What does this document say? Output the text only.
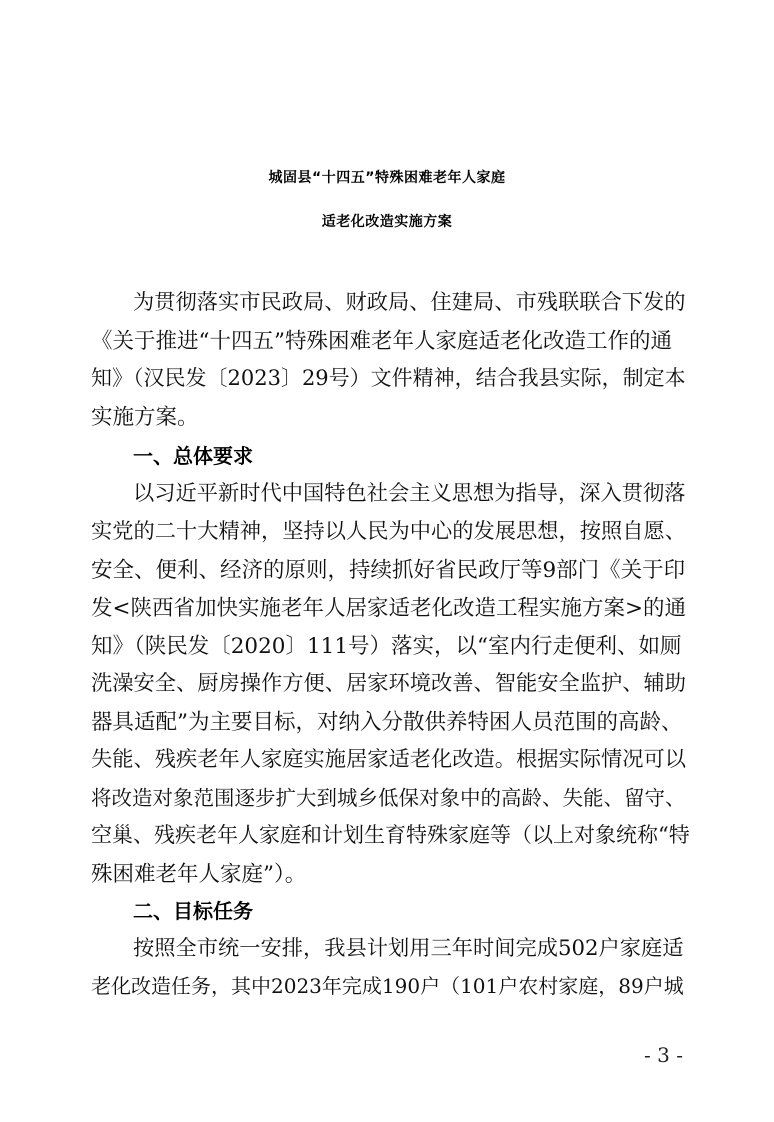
城固县“十四五”特殊困难老年人家庭
适老化改造实施方案
为贯彻落实市民政局、财政局、住建局、市残联联合下发的
《关于推进“十四五”特殊困难老年人家庭适老化改造工作的通
知》（汉民发〔2023〕29号）文件精神，结合我县实际，制定本
实施方案。
一、总体要求
以习近平新时代中国特色社会主义思想为指导，深入贯彻落
实党的二十大精神，坚持以人民为中心的发展思想，按照自愿、
安全、便利、经济的原则，持续抓好省民政厅等9部门《关于印
发<陕西省加快实施老年人居家适老化改造工程实施方案>的通
知》（陕民发〔2020〕111号）落实，以“室内行走便利、如厕
洗澡安全、厨房操作方便、居家环境改善、智能安全监护、辅助
器具适配”为主要目标，对纳入分散供养特困人员范围的高龄、
失能、残疾老年人家庭实施居家适老化改造。根据实际情况可以
将改造对象范围逐步扩大到城乡低保对象中的高龄、失能、留守、
空巢、残疾老年人家庭和计划生育特殊家庭等（以上对象统称“特
殊困难老年人家庭”）。
二、目标任务
按照全市统一安排，我县计划用三年时间完成502户家庭适
老化改造任务，其中2023年完成190户（101户农村家庭，89户城
- 3 -
